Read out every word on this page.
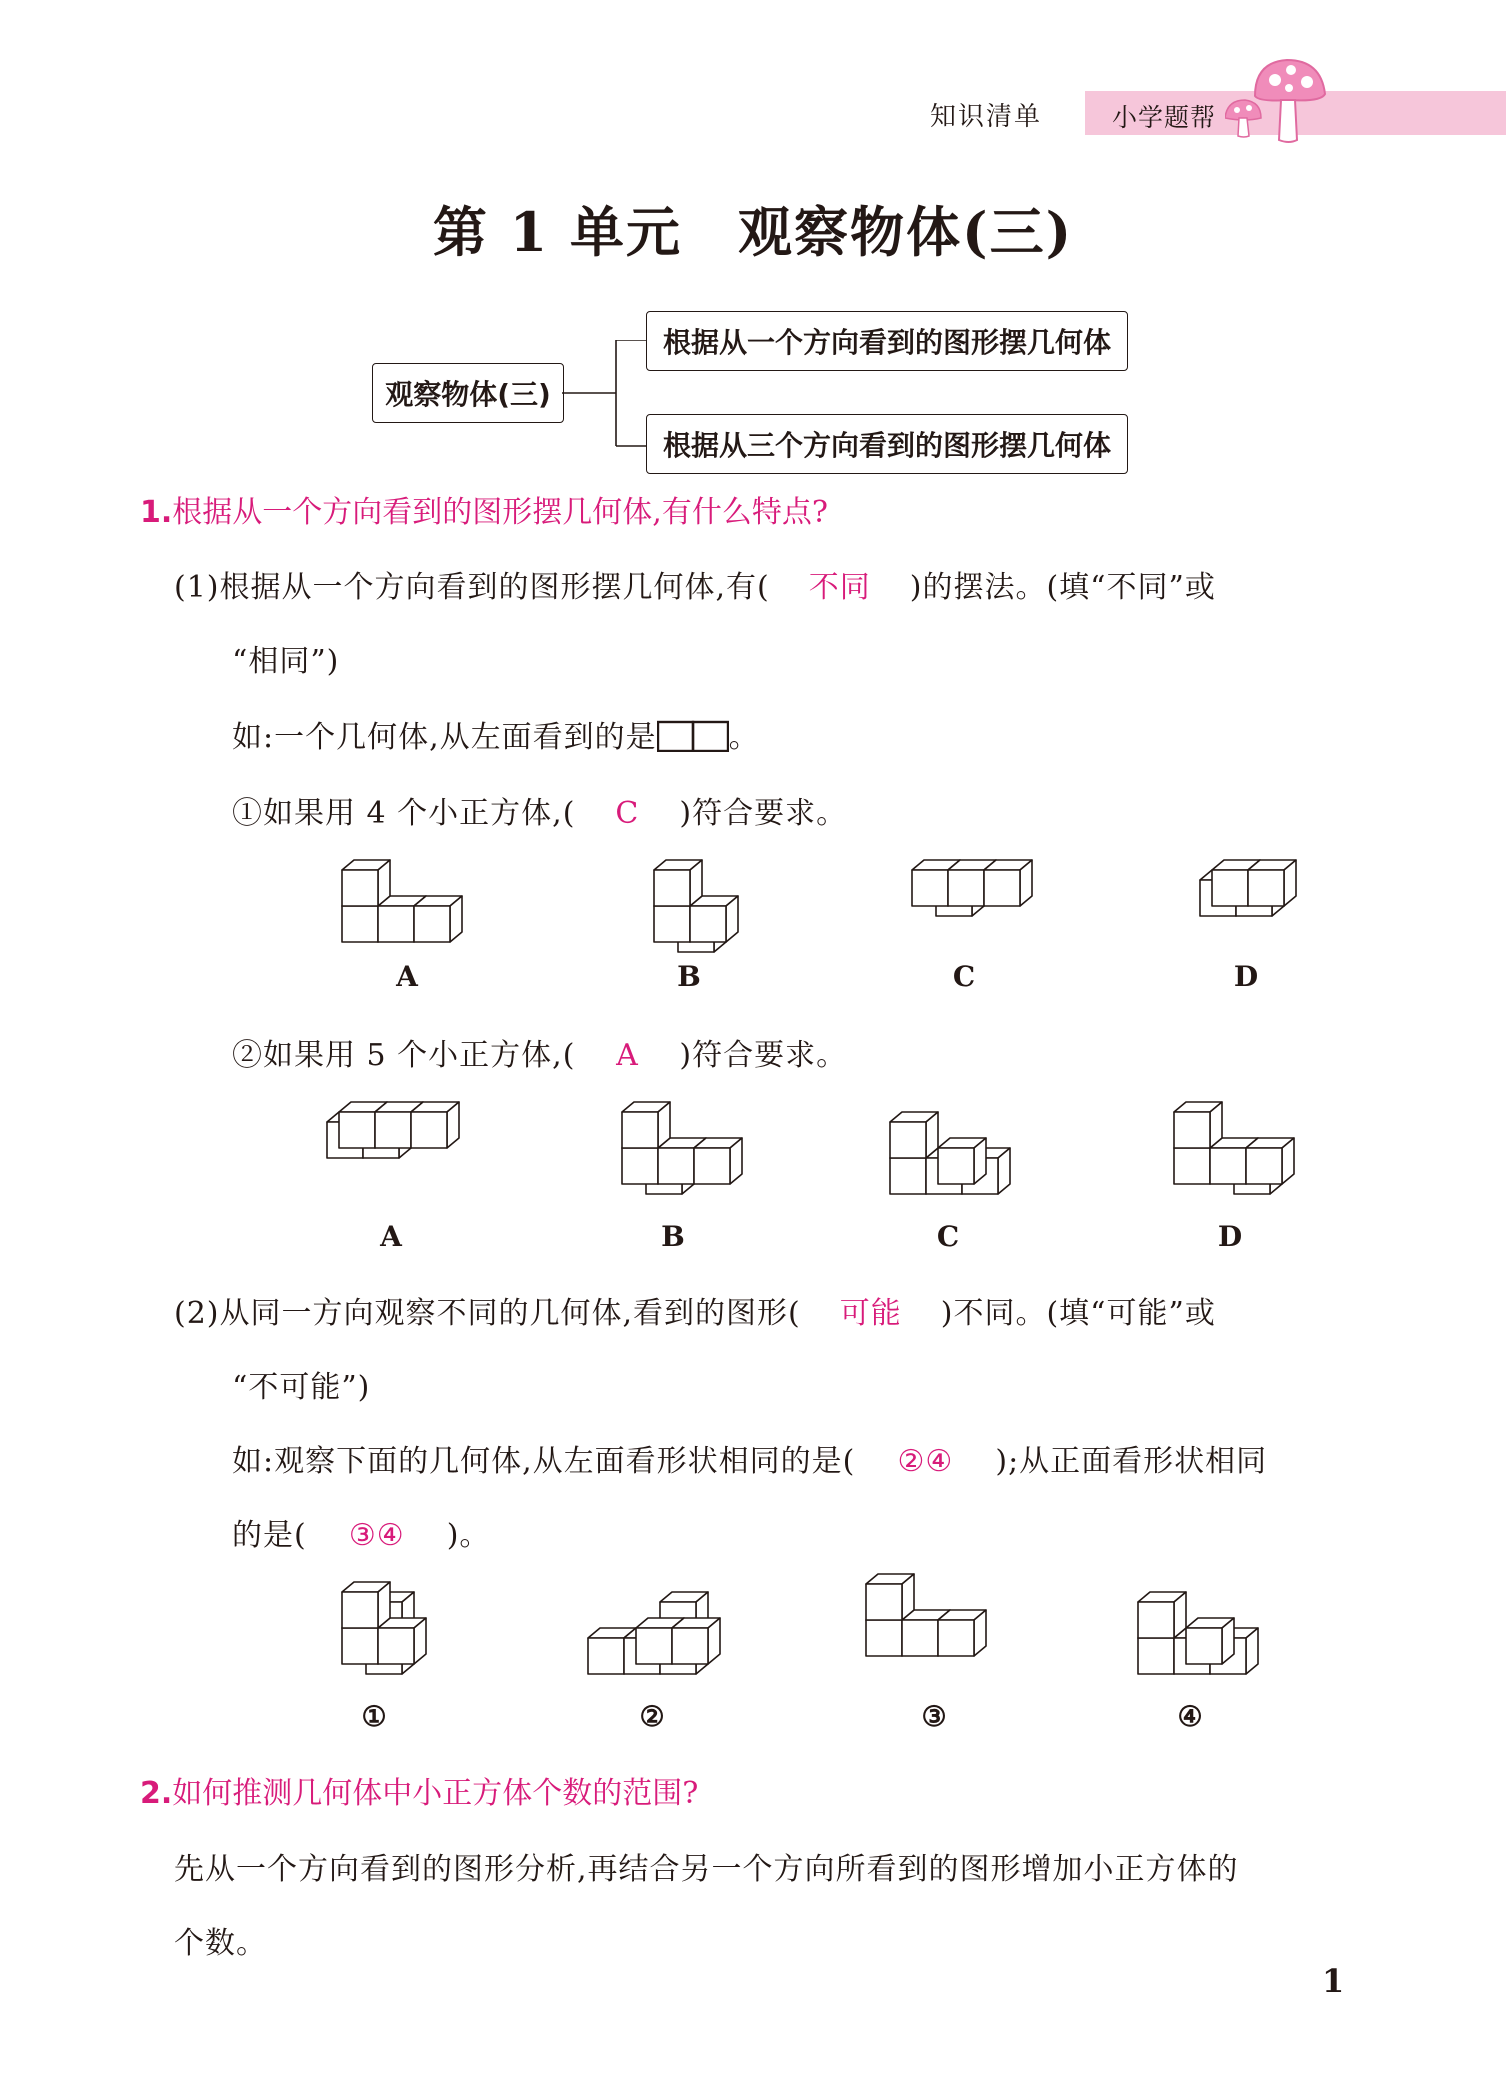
知识清单	小学题帮
第 1 单元　观察物体(三)
观察物体(三)
根据从一个方向看到的图形摆几何体
根据从三个方向看到的图形摆几何体
1.根据从一个方向看到的图形摆几何体,有什么特点?
(1)根据从一个方向看到的图形摆几何体,有( 不同 )的摆法。(填“不同”或
“相同”)
如:一个几何体,从左面看到的是 。
①如果用 4 个小正方体,( C )符合要求。
A	B	C	D
②如果用 5 个小正方体,( A )符合要求。
A	B	C	D
(2)从同一方向观察不同的几何体,看到的图形( 可能 )不同。(填“可能”或
“不可能”)
如:观察下面的几何体,从左面看形状相同的是( ②④ );从正面看形状相同
的是( ③④ )。
①	②	③	④
2.如何推测几何体中小正方体个数的范围?
先从一个方向看到的图形分析,再结合另一个方向所看到的图形增加小正方体的
个数。
1
